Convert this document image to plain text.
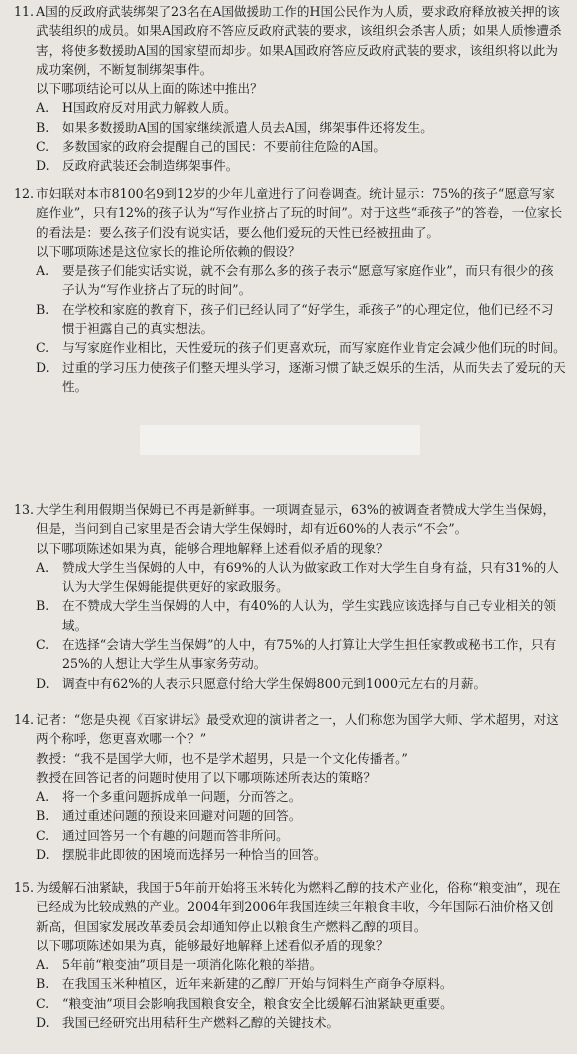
11. A国的反政府武装绑架了23名在A国做援助工作的H国公民作为人质，要求政府释放被关押的该武装组织的成员。如果A国政府不答应反政府武装的要求，该组织会杀害人质；如果人质惨遭杀害，将使多数援助A国的国家望而却步。如果A国政府答应反政府武装的要求，该组织将以此为成功案例，不断复制绑架事件。

以下哪项结论可以从上面的陈述中推出？

A.	H国政府反对用武力解救人质。
B.	如果多数援助A国的国家继续派遣人员去A国，绑架事件还将发生。
C.	多数国家的政府会提醒自己的国民：不要前往危险的A国。
D. 反政府武装还会制造绑架事件。
12. 市妇联对本市8100名9到12岁的少年儿童进行了问卷调查。统计显示：75%的孩子“愿意写家庭作业”，只有12%的孩子认为“写作业挤占了玩的时间”。对于这些“乖孩子”的答卷，一位家长的看法是：要么孩子们没有说实话，要么他们爱玩的天性已经被扭曲了。

以下哪项陈述是这位家长的推论所依赖的假设？

A.	要是孩子们能实话实说，就不会有那么多的孩子表示“愿意写家庭作业”，而只有很少的孩子认为“写作业挤占了玩的时间”。
B.	在学校和家庭的教育下，孩子们已经认同了“好学生，乖孩子”的心理定位，他们已经不习惯于袒露自己的真实想法。
C.	与写家庭作业相比，天性爱玩的孩子们更喜欢玩，而写家庭作业肯定会减少他们玩的时间。
D. 过重的学习压力使孩子们整天埋头学习，逐渐习惯了缺乏娱乐的生活，从而失去了爱玩的天性。
13. 大学生利用假期当保姆已不再是新鲜事。一项调查显示，63%的被调查者赞成大学生当保姆，但是，当问到自己家里是否会请大学生保姆时，却有近60%的人表示“不会”。

以下哪项陈述如果为真，能够合理地解释上述看似矛盾的现象？

A.	赞成大学生当保姆的人中，有69%的人认为做家政工作对大学生自身有益，只有31%的人认为大学生保姆能提供更好的家政服务。
B.	在不赞成大学生当保姆的人中，有40%的人认为，学生实践应该选择与自己专业相关的领域。
C.	在选择“会请大学生当保姆”的人中，有75%的人打算让大学生担任家教或秘书工作，只有25%的人想让大学生从事家务劳动。
D. 调查中有62%的人表示只愿意付给大学生保姆800元到1000元左右的月薪。
14. 记者：“您是央视《百家讲坛》最受欢迎的演讲者之一，人们称您为国学大师、学术超男，对这两个称呼，您更喜欢哪一个？”

教授：“我不是国学大师，也不是学术超男，只是一个文化传播者。”

教授在回答记者的问题时使用了以下哪项陈述所表达的策略？

A.	将一个多重问题拆成单一问题，分而答之。
B.	通过重述问题的预设来回避对问题的回答。
C.	通过回答另一个有趣的问题而答非所问。
D. 摆脱非此即彼的困境而选择另一种恰当的回答。
15. 为缓解石油紧缺，我国于5年前开始将玉米转化为燃料乙醇的技术产业化，俗称“粮变油”，现在已经成为比较成熟的产业。2004年到2006年我国连续三年粮食丰收，今年国际石油价格又创新高，但国家发展改革委员会却通知停止以粮食生产燃料乙醇的项目。

以下哪项陈述如果为真，能够最好地解释上述看似矛盾的现象？

A.	5年前“粮变油”项目是一项消化陈化粮的举措。
B.	在我国玉米种植区，近年来新建的乙醇厂开始与饲料生产商争夺原料。
C.	“粮变油”项目会影响我国粮食安全，粮食安全比缓解石油紧缺更重要。
D. 我国已经研究出用秸秆生产燃料乙醇的关键技术。
